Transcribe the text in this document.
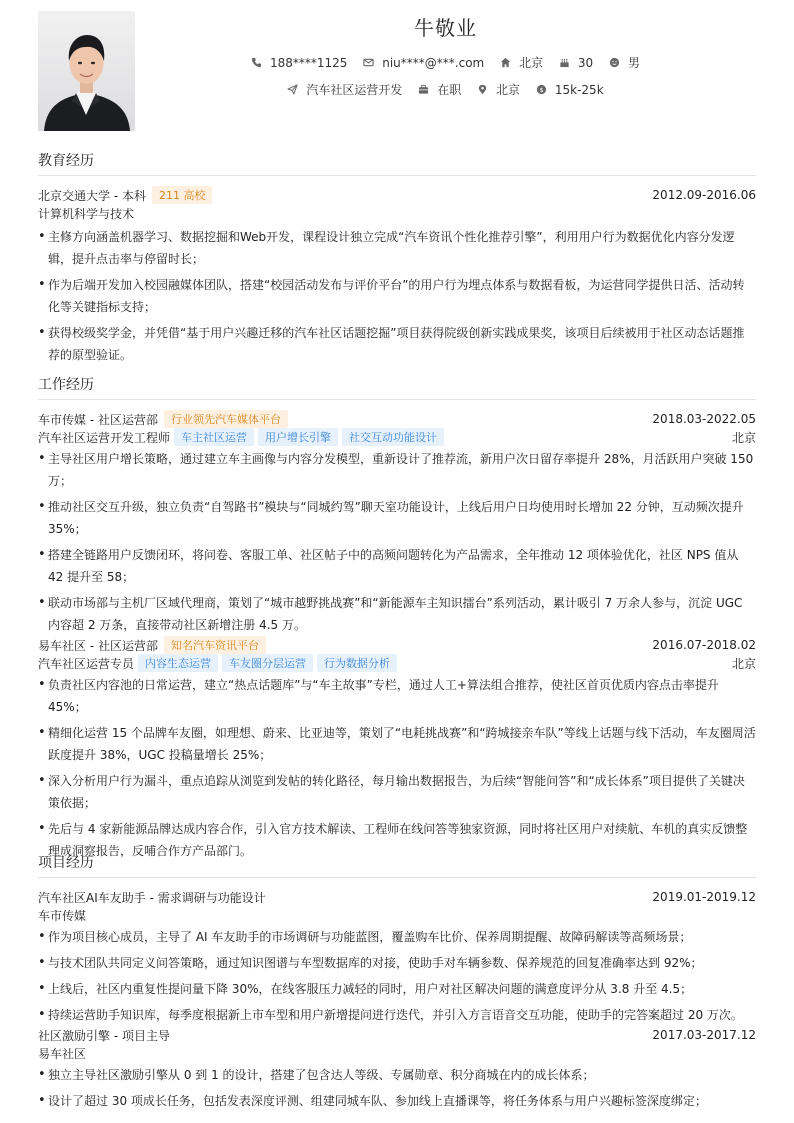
牛敬业
188****1125
	niu****@***.com
	北京
	30
	男
汽车社区运营开发
	在职
	北京
	$ 15k-25k
教育经历
北京交通大学 - 本科	211 高校	2012.09-2016.06
计算机科学与技术
• 主修方向涵盖机器学习、数据挖掘和Web开发，课程设计独立完成“汽车资讯个性化推荐引擎”，利用用户行为数据优化内容分发逻辑，提升点击率与停留时长；
• 作为后端开发加入校园融媒体团队，搭建“校园活动发布与评价平台”的用户行为埋点体系与数据看板，为运营同学提供日活、活动转化等关键指标支持；
• 获得校级奖学金，并凭借“基于用户兴趣迁移的汽车社区话题挖掘”项目获得院级创新实践成果奖，该项目后续被用于社区动态话题推荐的原型验证。
工作经历
车市传媒 - 社区运营部	行业领先汽车媒体平台	2018.03-2022.05
汽车社区运营开发工程师	车主社区运营	用户增长引擎	社交互动功能设计	北京
• 主导社区用户增长策略，通过建立车主画像与内容分发模型，重新设计了推荐流，新用户次日留存率提升 28%，月活跃用户突破 150 万；
• 推动社区交互升级，独立负责“自驾路书”模块与“同城约驾”聊天室功能设计，上线后用户日均使用时长增加 22 分钟，互动频次提升 35%；
• 搭建全链路用户反馈闭环，将问卷、客服工单、社区帖子中的高频问题转化为产品需求，全年推动 12 项体验优化，社区 NPS 值从 42 提升至 58；
• 联动市场部与主机厂区域代理商，策划了“城市越野挑战赛”和“新能源车主知识擂台”系列活动，累计吸引 7 万余人参与，沉淀 UGC 内容超 2 万条，直接带动社区新增注册 4.5 万。
易车社区 - 社区运营部	知名汽车资讯平台	2016.07-2018.02
汽车社区运营专员	内容生态运营	车友圈分层运营	行为数据分析	北京
• 负责社区内容池的日常运营，建立“热点话题库”与“车主故事”专栏，通过人工+算法组合推荐，使社区首页优质内容点击率提升 45%；
• 精细化运营 15 个品牌车友圈，如理想、蔚来、比亚迪等，策划了“电耗挑战赛”和“跨城接亲车队”等线上话题与线下活动，车友圈周活跃度提升 38%，UGC 投稿量增长 25%；
• 深入分析用户行为漏斗，重点追踪从浏览到发帖的转化路径，每月输出数据报告，为后续“智能问答”和“成长体系”项目提供了关键决策依据；
• 先后与 4 家新能源品牌达成内容合作，引入官方技术解读、工程师在线问答等独家资源，同时将社区用户对续航、车机的真实反馈整理成洞察报告，反哺合作方产品部门。
项目经历
汽车社区AI车友助手 - 需求调研与功能设计	2019.01-2019.12
车市传媒
• 作为项目核心成员，主导了 AI 车友助手的市场调研与功能蓝图，覆盖购车比价、保养周期提醒、故障码解读等高频场景；
• 与技术团队共同定义问答策略，通过知识图谱与车型数据库的对接，使助手对车辆参数、保养规范的回复准确率达到 92%；
• 上线后，社区内重复性提问量下降 30%，在线客服压力减轻的同时，用户对社区解决问题的满意度评分从 3.8 升至 4.5；
• 持续运营助手知识库，每季度根据新上市车型和用户新增提问进行迭代，并引入方言语音交互功能，使助手的完答案超过 20 万次。
社区激励引擎 - 项目主导	2017.03-2017.12
易车社区
• 独立主导社区激励引擎从 0 到 1 的设计，搭建了包含达人等级、专属勋章、积分商城在内的成长体系；
• 设计了超过 30 项成长任务，包括发表深度评测、组建同城车队、参加线上直播课等，将任务体系与用户兴趣标签深度绑定；
